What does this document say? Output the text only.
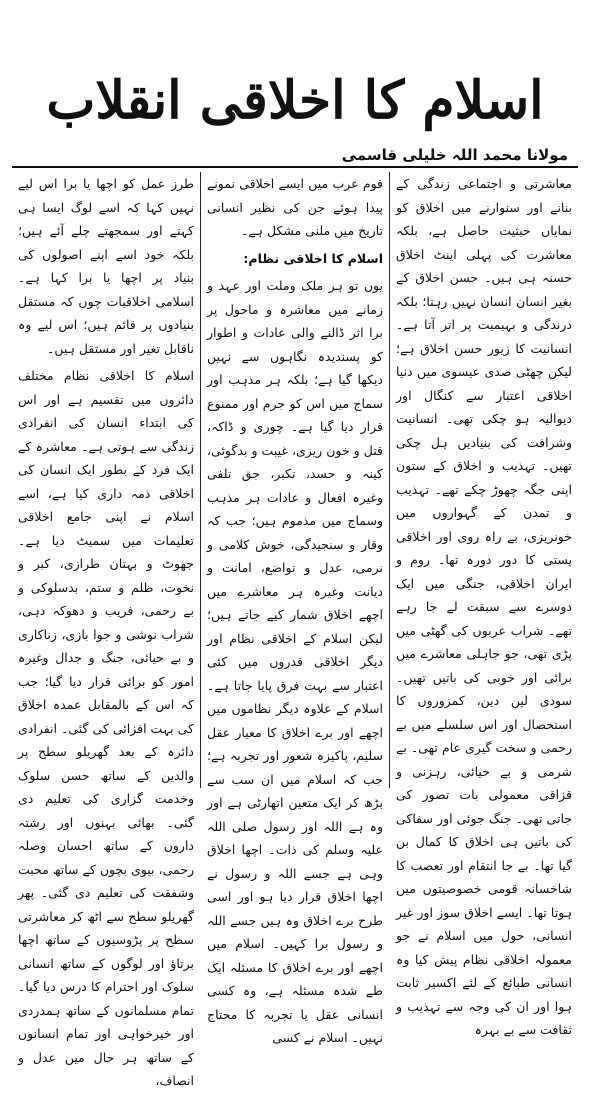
اسلام کا اخلاقی انقلاب
مولانا محمد اللہ خلیلی قاسمی

معاشرتی و اجتماعی زندگی کے بنانے اور سنوارنے میں اخلاق کو نمایاں حیثیت حاصل ہے، بلکہ معاشرت کی پہلی اینٹ اخلاق حسنہ ہی ہیں۔ حسن اخلاق کے بغیر انسان انسان نہیں رہتا؛ بلکہ درندگی و بہیمیت پر اتر آتا ہے۔ انسانیت کا زیور حسن اخلاق ہے؛ لیکن چھٹی صدی عیسوی میں دنیا اخلاقی اعتبار سے کنگال اور دیوالیہ ہو چکی تھی۔ انسانیت وشرافت کی بنیادیں ہل چکی تھیں۔ تہذیب و اخلاق کے ستون اپنی جگہ چھوڑ چکے تھے۔ تہذیب و تمدن کے گہواروں میں خونریزی، بے راہ روی اور اخلاقی پستی کا دور دورہ تھا۔ روم و ایران اخلاقی، جنگی میں ایک دوسرے سے سبقت لے جا رہے تھے۔ شراب عربوں کی گھٹی میں پڑی تھی، جو جاہلی معاشرے میں برائی اور خوبی کی باتیں تھیں۔ سودی لین دین، کمزوروں کا استحصال اور اس سلسلے میں بے رحمی و سخت گیری عام تھی۔ بے شرمی و بے حیائی، رہزنی و قزاقی معمولی بات تصور کی جاتی تھی۔ جنگ جوئی اور سفاکی کی باتیں ہی اخلاق کا کمال بن گیا تھا۔ بے جا انتقام اور تعصب کا شاخسانہ قومی خصوصیتوں میں ہوتا تھا۔ ایسے اخلاق سوز اور غیر انسانی، حول میں اسلام نے جو معمولہ اخلاقی نظام پیش کیا وہ انسانی طبائع کے لئے اکسیر ثابت ہوا اور ان کی وجہ سے تہذیب و ثقافت سے بے بہرہ

قوم عرب میں ایسے اخلاقی نمونے پیدا ہوئے جن کی نظیر انسانی تاریخ میں ملنی مشکل ہے۔

اسلام کا اخلاقی نظام:

یوں تو ہر ملک وملت اور عہد و زمانے میں معاشرہ و ماحول پر برا اثر ڈالنے والی عادات و اطوار کو پسندیدہ نگاہوں سے نہیں دیکھا گیا ہے؛ بلکہ ہر مذہب اور سماج میں اس کو جرم اور ممنوع قرار دیا گیا ہے۔ چوری و ڈاکہ، قتل و خون ریزی، غیبت و بدگوئی، کینہ و حسد، تکبر، جق تلفی وغیرہ افعال و عادات ہر مذہب وسماج میں مذموم ہیں؛ جب کہ وقار و سنجیدگی، خوش کلامی و نرمی، عدل و تواضع، امانت و دیانت وغیرہ ہر معاشرے میں اچھے اخلاق شمار کیے جاتے ہیں؛ لیکن اسلام کے اخلاقی نظام اور دیگر اخلاقی قدروں میں کئی اعتبار سے بہت فرق پایا جاتا ہے۔ اسلام کے علاوہ دیگر نظاموں میں اچھے اور برے اخلاق کا معیار عقل سلیم، پاکیزہ شعور اور تجربہ ہے؛ جب کہ اسلام میں ان سب سے بڑھ کر ایک متعین اتھارٹی ہے اور وہ ہے اللہ اور رسول صلی اللہ علیہ وسلم کی ذات۔ اچھا اخلاق وہی ہے جسے اللہ و رسول نے اچھا اخلاق قرار دیا ہو اور اسی طرح برے اخلاق وہ ہیں جسے اللہ و رسول برا کہیں۔ اسلام میں اچھے اور برے اخلاق کا مسئلہ ایک طے شدہ مسئلہ ہے، وہ کسی انسانی عقل یا تجربہ کا محتاج نہیں۔ اسلام نے کسی

طرز عمل کو اچھا یا برا اس لیے نہیں کہا کہ اسے لوگ ایسا ہی کہتے اور سمجھتے چلے آئے ہیں؛ بلکہ خود اسے اپنے اصولوں کی بنیاد پر اچھا یا برا کہا ہے۔ اسلامی اخلاقیات چوں کہ مستقل بنیادوں پر قائم ہیں؛ اس لیے وہ ناقابل تغیر اور مستقل ہیں۔

اسلام کا اخلاقی نظام مختلف دائروں میں تقسیم ہے اور اس کی ابتداء انسان کی انفرادی زندگی سے ہوتی ہے۔ معاشرہ کے ایک فرد کے بطور ایک انسان کی اخلاقی ذمہ داری کیا ہے، اسے اسلام نے اپنی جامع اخلاقی تعلیمات میں سمیٹ دیا ہے۔ جھوٹ و بہتان طرازی، کبر و نخوت، ظلم و ستم، بدسلوکی و بے رحمی، فریب و دھوکہ دہی، شراب نوشی و جوا بازی، زناکاری و بے حیائی، جنگ و جدال وغیرہ امور کو برائی قرار دیا گیا؛ جب کہ اس کے بالمقابل عمدہ اخلاق کی بہت افزائی کی گئی۔ انفرادی دائرہ کے بعد گھریلو سطح پر والدین کے ساتھ حسن سلوک وخدمت گزاری کی تعلیم دی گئی۔ بھائی بہنوں اور رشتہ داروں کے ساتھ احسان وصلہ رحمی، بیوی بچوں کے ساتھ محبت وشفقت کی تعلیم دی گئی۔ پھر گھریلو سطح سے اٹھ کر معاشرتی سطح پر پڑوسیوں کے ساتھ اچھا برتاؤ اور لوگوں کے ساتھ انسانی سلوک اور احترام کا درس دیا گیا۔ تمام مسلمانوں کے ساتھ ہمدردی اور خیرخواہی اور تمام انسانوں کے ساتھ ہر حال میں عدل و انصاف،
